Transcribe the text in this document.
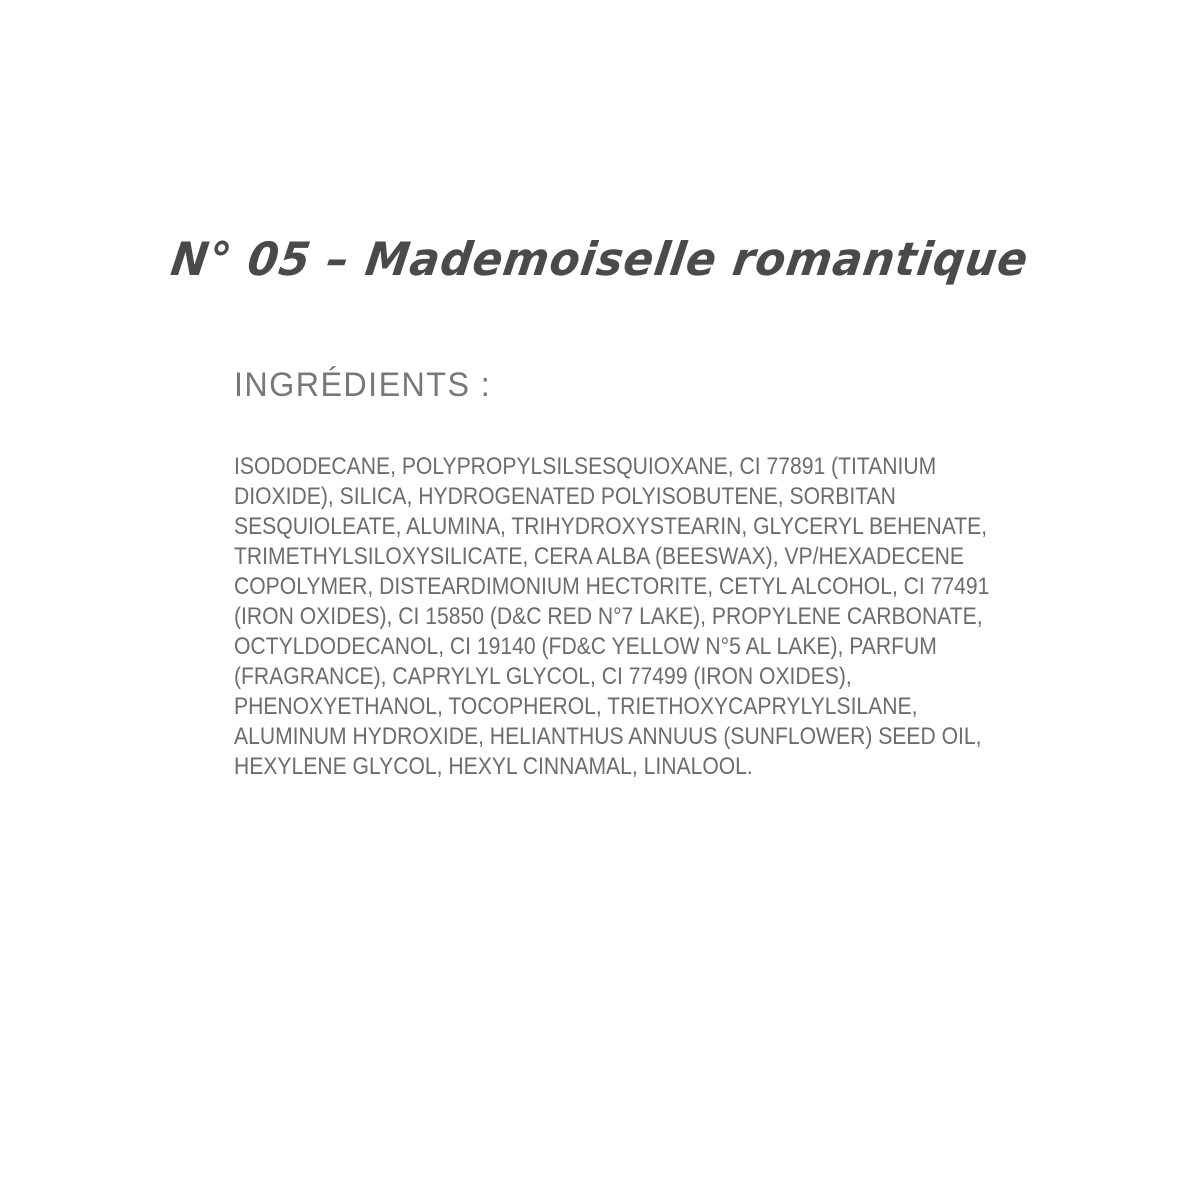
N° 05 – Mademoiselle romantique
INGRÉDIENTS :
ISODODECANE, POLYPROPYLSILSESQUIOXANE, CI 77891 (TITANIUM
DIOXIDE), SILICA, HYDROGENATED POLYISOBUTENE, SORBITAN
SESQUIOLEATE, ALUMINA, TRIHYDROXYSTEARIN, GLYCERYL BEHENATE,
TRIMETHYLSILOXYSILICATE, CERA ALBA (BEESWAX), VP/HEXADECENE
COPOLYMER, DISTEARDIMONIUM HECTORITE, CETYL ALCOHOL, CI 77491
(IRON OXIDES), CI 15850 (D&C RED N°7 LAKE), PROPYLENE CARBONATE,
OCTYLDODECANOL, CI 19140 (FD&C YELLOW N°5 AL LAKE), PARFUM
(FRAGRANCE), CAPRYLYL GLYCOL, CI 77499 (IRON OXIDES),
PHENOXYETHANOL, TOCOPHEROL, TRIETHOXYCAPRYLYLSILANE,
ALUMINUM HYDROXIDE, HELIANTHUS ANNUUS (SUNFLOWER) SEED OIL,
HEXYLENE GLYCOL, HEXYL CINNAMAL, LINALOOL.
